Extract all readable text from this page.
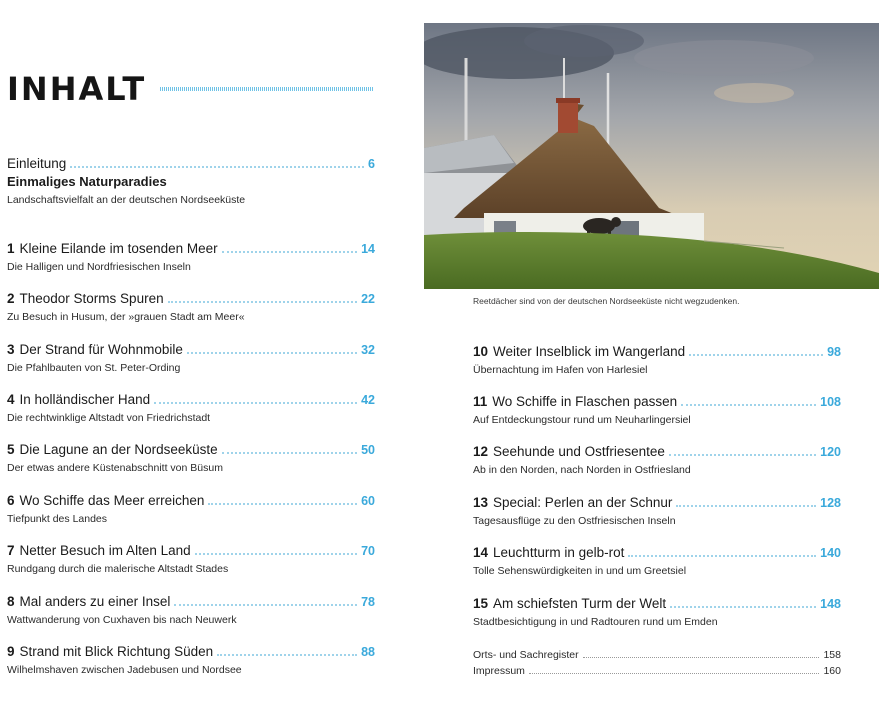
INHALT
Einleitung	6
Einmaliges Naturparadies
Landschaftsvielfalt an der deutschen Nordseeküste
1 Kleine Eilande im tosenden Meer	14
Die Halligen und Nordfriesischen Inseln
2 Theodor Storms Spuren	22
Zu Besuch in Husum, der »grauen Stadt am Meer«
3 Der Strand für Wohnmobile	32
Die Pfahlbauten von St. Peter-Ording
4 In holländischer Hand	42
Die rechtwinklige Altstadt von Friedrichstadt
5 Die Lagune an der Nordseeküste	50
Der etwas andere Küstenabschnitt von Büsum
6 Wo Schiffe das Meer erreichen	60
Tiefpunkt des Landes
7 Netter Besuch im Alten Land	70
Rundgang durch die malerische Altstadt Stades
8 Mal anders zu einer Insel	78
Wattwanderung von Cuxhaven bis nach Neuwerk
9 Strand mit Blick Richtung Süden	88
Wilhelmshaven zwischen Jadebusen und Nordsee

Reetdächer sind von der deutschen Nordseeküste nicht wegzudenken.

10 Weiter Inselblick im Wangerland	98
Übernachtung im Hafen von Harlesiel
11 Wo Schiffe in Flaschen passen	108
Auf Entdeckungstour rund um Neuharlingersiel
12 Seehunde und Ostfriesentee	120
Ab in den Norden, nach Norden in Ostfriesland
13 Special: Perlen an der Schnur	128
Tagesausflüge zu den Ostfriesischen Inseln
14 Leuchtturm in gelb-rot	140
Tolle Sehenswürdigkeiten in und um Greetsiel
15 Am schiefsten Turm der Welt	148
Stadtbesichtigung in und Radtouren rund um Emden
Orts- und Sachregister	158
Impressum	160
